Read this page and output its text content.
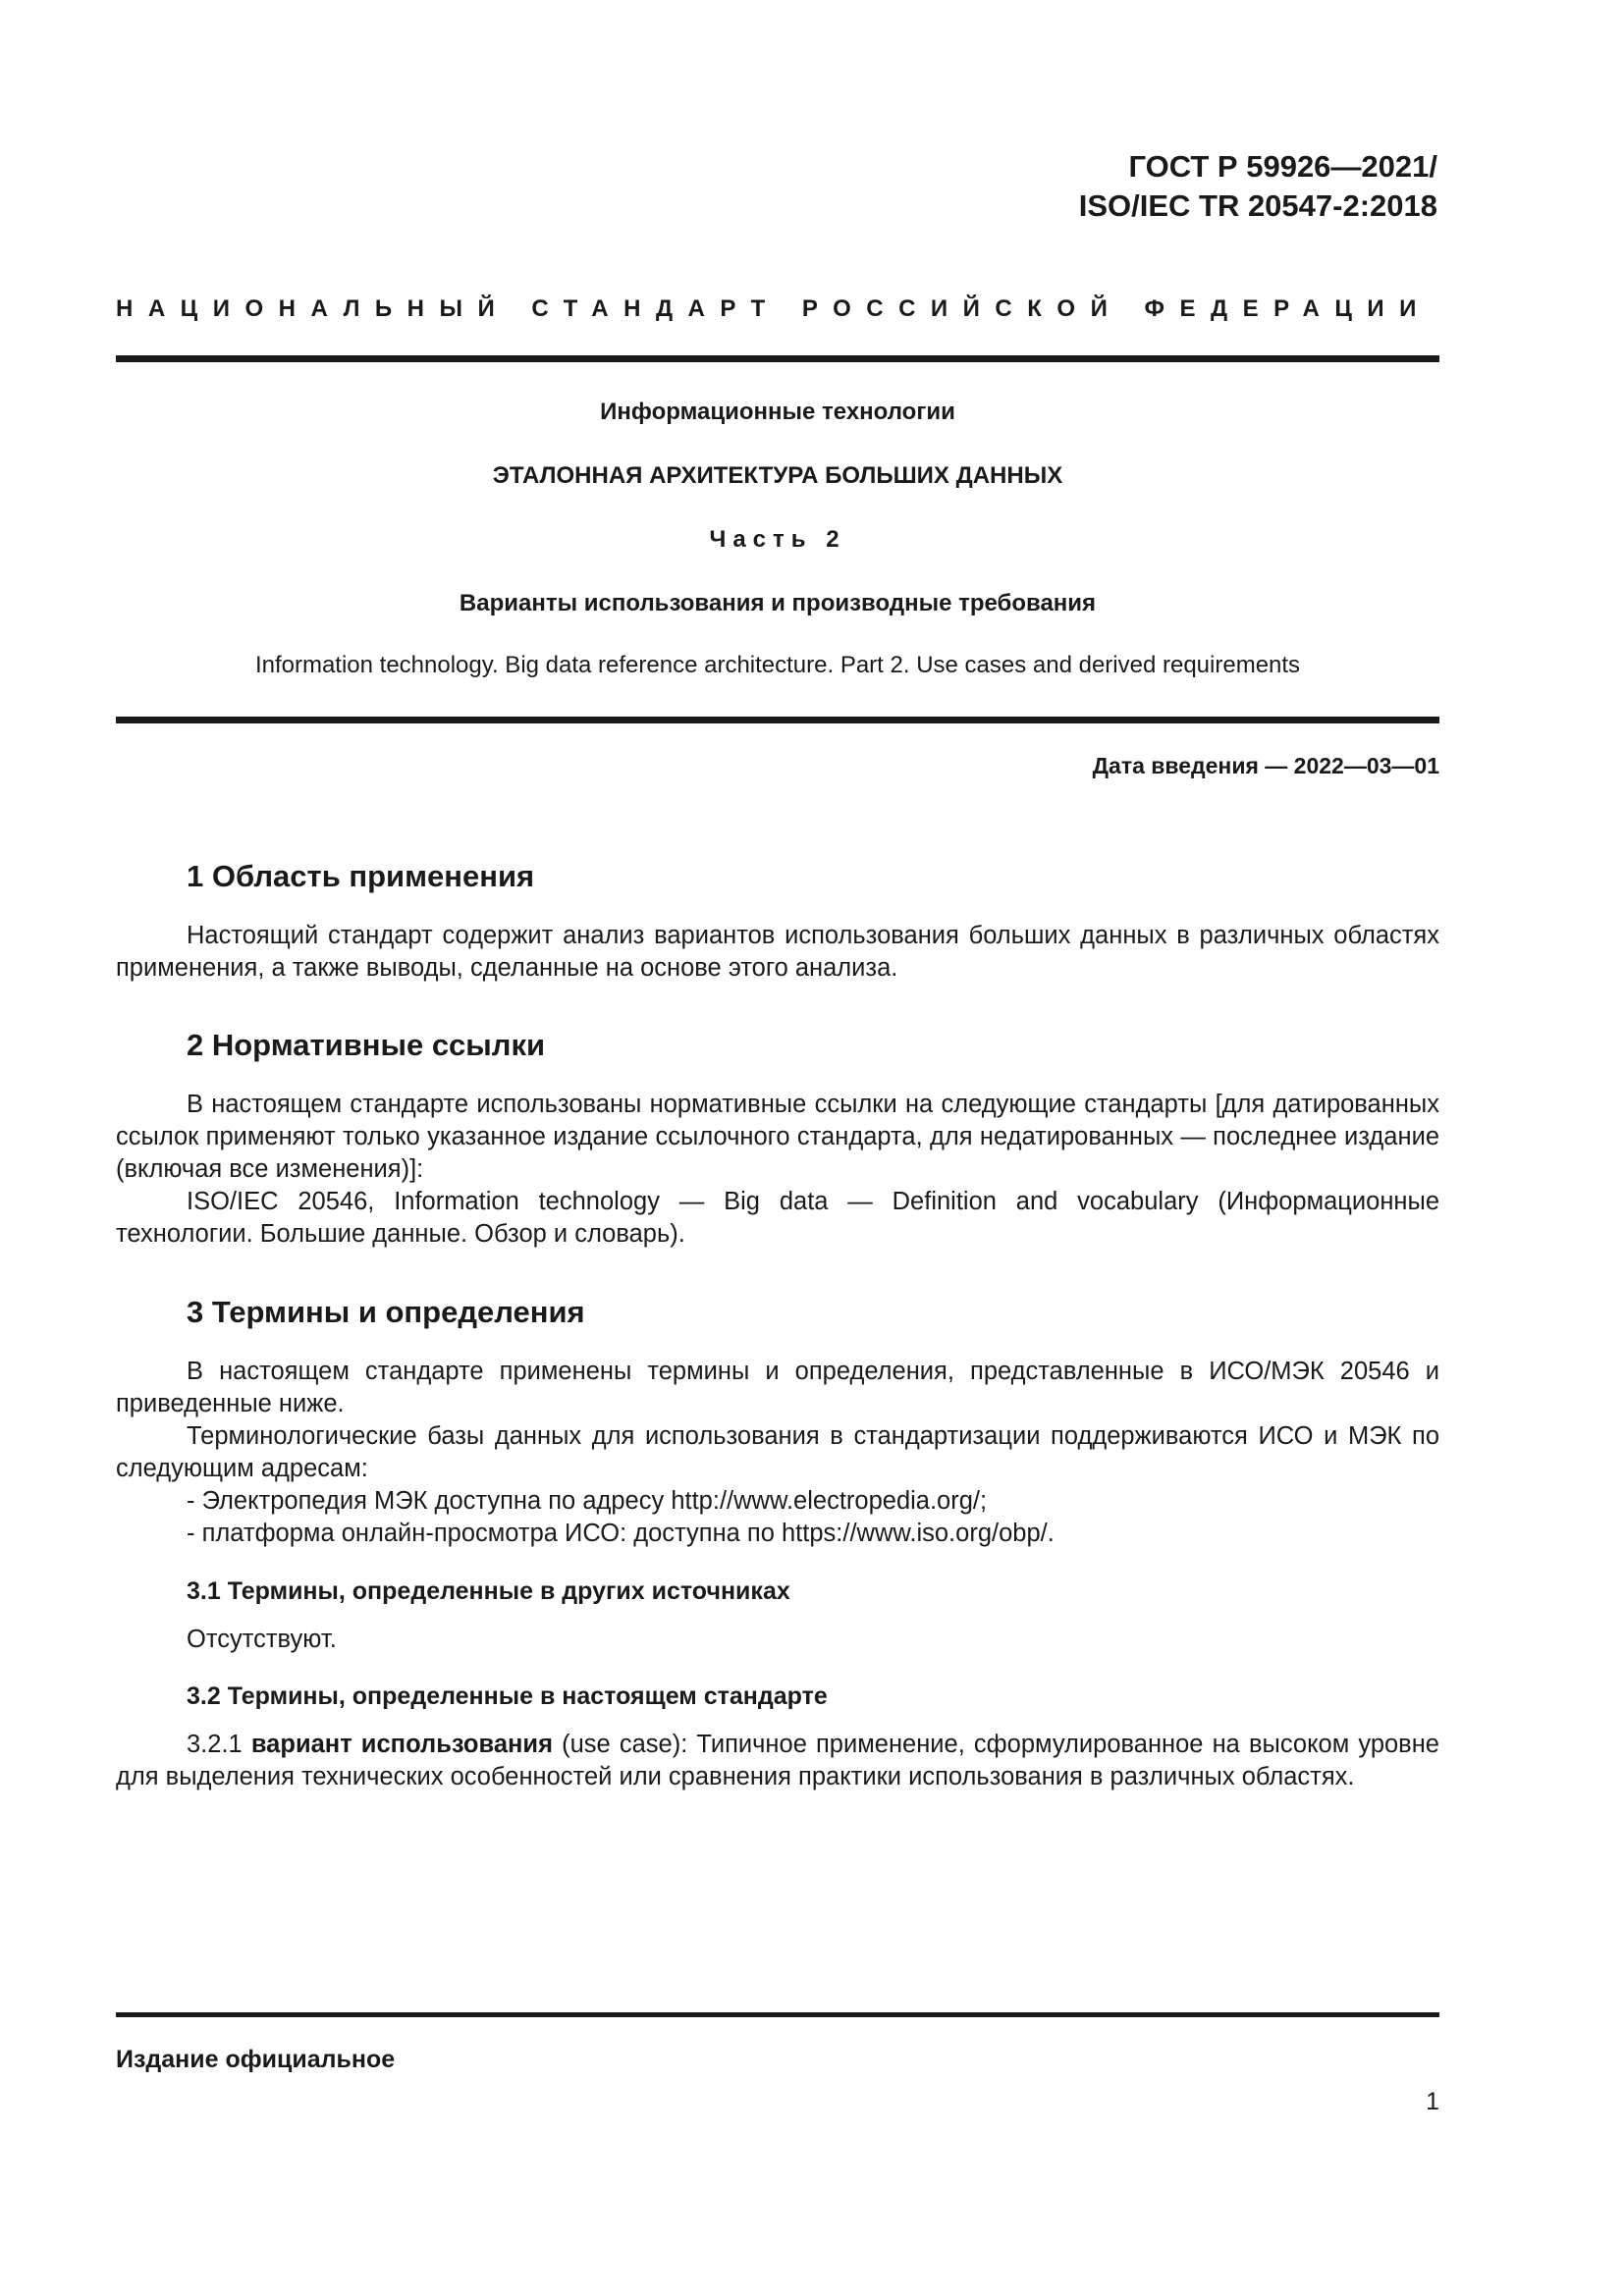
ГОСТ Р 59926—2021/
ISO/IEC TR 20547-2:2018
НАЦИОНАЛЬНЫЙ СТАНДАРТ РОССИЙСКОЙ ФЕДЕРАЦИИ
Информационные технологии
ЭТАЛОННАЯ АРХИТЕКТУРА БОЛЬШИХ ДАННЫХ
Часть 2
Варианты использования и производные требования
Information technology. Big data reference architecture. Part 2. Use cases and derived requirements
Дата введения — 2022—03—01

1 Область применения

Настоящий стандарт содержит анализ вариантов использования больших данных в различных областях применения, а также выводы, сделанные на основе этого анализа.

2 Нормативные ссылки

В настоящем стандарте использованы нормативные ссылки на следующие стандарты [для датированных ссылок применяют только указанное издание ссылочного стандарта, для недатированных — последнее издание (включая все изменения)]:

ISO/IEC 20546, Information technology — Big data — Definition and vocabulary (Информационные технологии. Большие данные. Обзор и словарь).

3 Термины и определения

В настоящем стандарте применены термины и определения, представленные в ИСО/МЭК 20546 и приведенные ниже.

Терминологические базы данных для использования в стандартизации поддерживаются ИСО и МЭК по следующим адресам:

- Электропедия МЭК доступна по адресу http://www.electropedia.org/;

- платформа онлайн-просмотра ИСО: доступна по https://www.iso.org/obp/.

3.1 Термины, определенные в других источниках

Отсутствуют.

3.2 Термины, определенные в настоящем стандарте

3.2.1 вариант использования (use case): Типичное применение, сформулированное на высоком уровне для выделения технических особенностей или сравнения практики использования в различных областях.

Издание официальное
1
